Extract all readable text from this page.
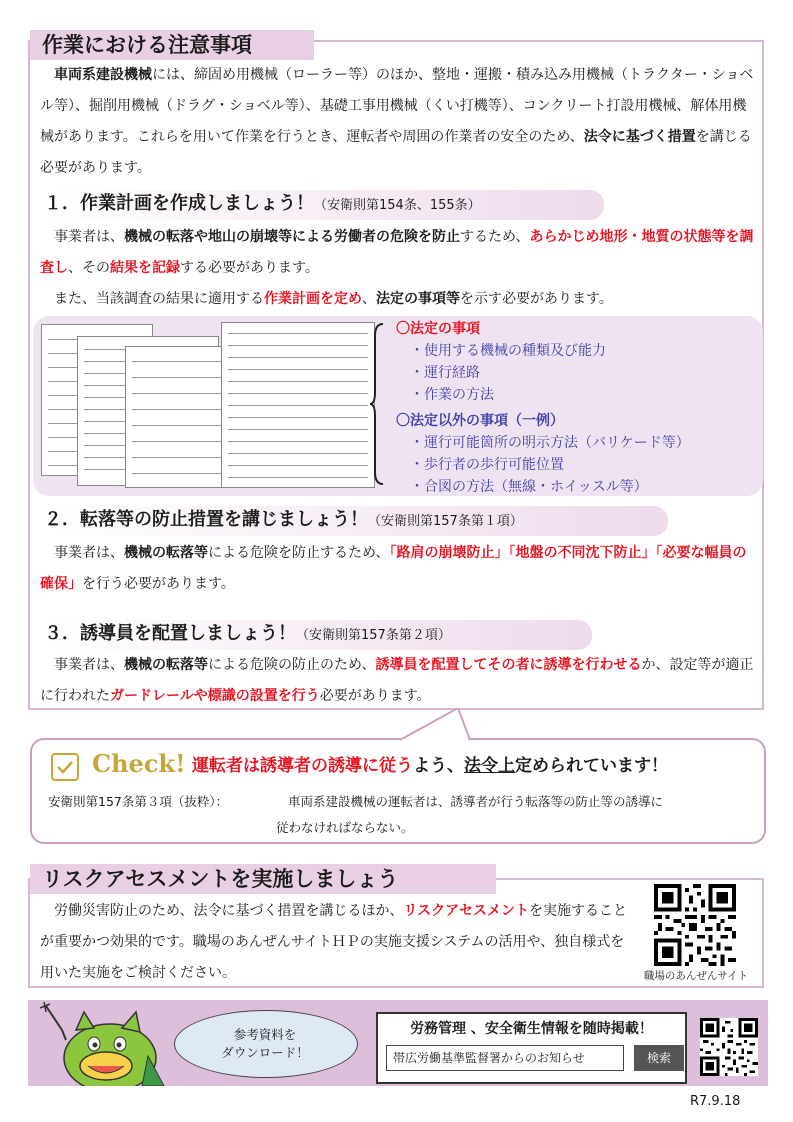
作業における注意事項
車両系建設機械には、締固め用機械（ローラー等）のほか、整地・運搬・積み込み用機械（トラクター・ショベル等）、掘削用機械（ドラグ・ショベル等）、基礎工事用機械（くい打機等）、コンクリート打設用機械、解体用機械があります。これらを用いて作業を行うとき、運転者や周囲の作業者の安全のため、法令に基づく措置を講じる必要があります。
１．作業計画を作成しましょう！（安衛則第154条、155条）
事業者は、機械の転落や地山の崩壊等による労働者の危険を防止するため、あらかじめ地形・地質の状態等を調査し、その結果を記録する必要があります。
また、当該調査の結果に適用する作業計画を定め、法定の事項等を示す必要があります。
〇法定の事項
・使用する機械の種類及び能力
・運行経路
・作業の方法
〇法定以外の事項（一例）
・運行可能箇所の明示方法（バリケード等）
・歩行者の歩行可能位置
・合図の方法（無線・ホイッスル等）
２．転落等の防止措置を講じましょう！（安衛則第157条第１項）
事業者は、機械の転落等による危険を防止するため、「路肩の崩壊防止」「地盤の不同沈下防止」「必要な幅員の確保」を行う必要があります。
３．誘導員を配置しましょう！（安衛則第157条第２項）
事業者は、機械の転落等による危険の防止のため、誘導員を配置してその者に誘導を行わせるか、設定等が適正に行われたガードレールや標識の設置を行う必要があります。
Check! 運転者は誘導者の誘導に従うよう、法令上定められています！
安衛則第157条第３項（抜粋）：	車両系建設機械の運転者は、誘導者が行う転落等の防止等の誘導に
従わなければならない。
リスクアセスメントを実施しましょう
労働災害防止のため、法令に基づく措置を講じるほか、リスクアセスメントを実施することが重要かつ効果的です。職場のあんぜんサイトＨＰの実施支援システムの活用や、独自様式を用いた実施をご検討ください。	職場のあんぜんサイト
参考資料を
ダウンロード！
労務管理 、安全衛生情報を随時掲載！
帯広労働基準監督署からのお知らせ	検索
R7.9.18
